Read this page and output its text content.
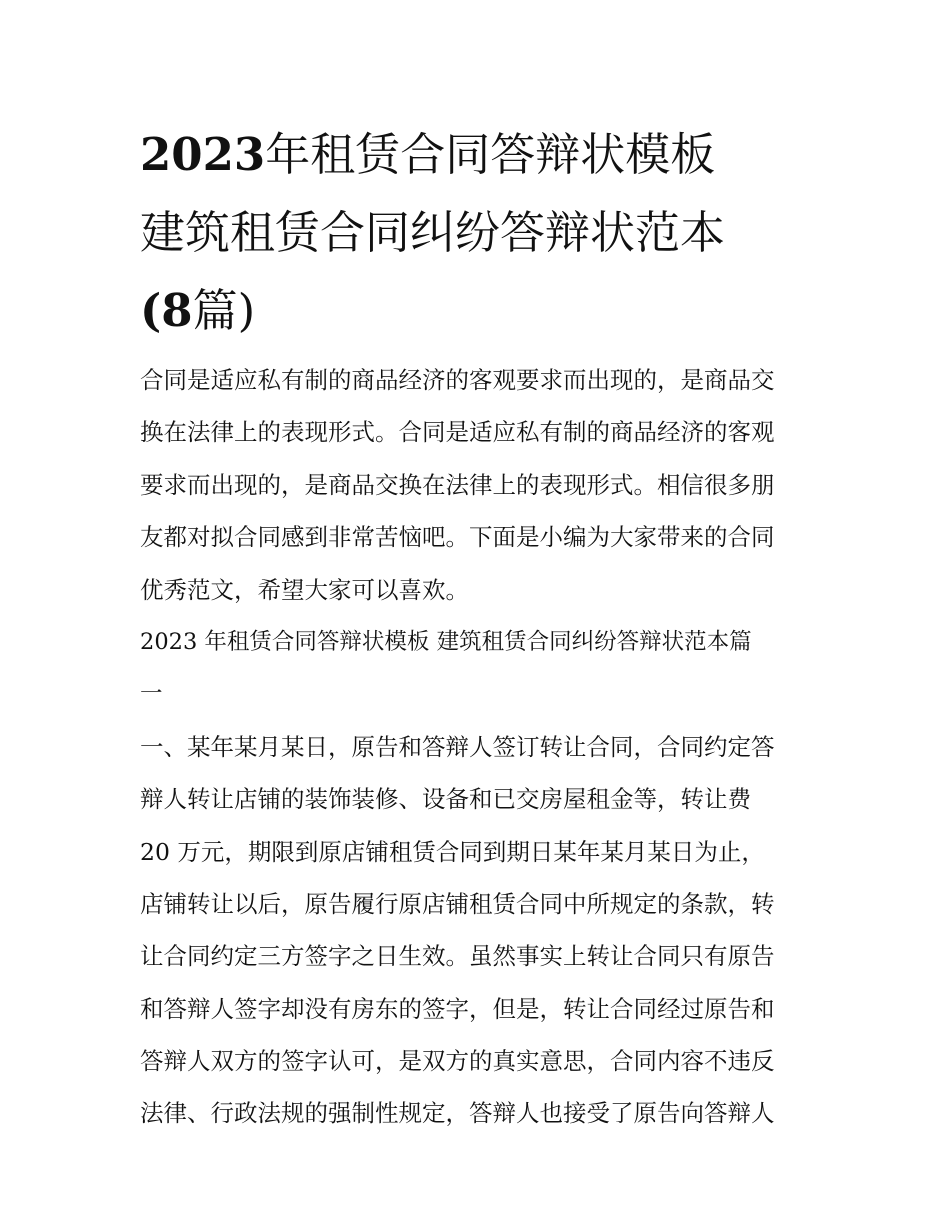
2023年租赁合同答辩状模板
建筑租赁合同纠纷答辩状范本
(8篇)
合同是适应私有制的商品经济的客观要求而出现的，是商品交
换在法律上的表现形式。合同是适应私有制的商品经济的客观
要求而出现的，是商品交换在法律上的表现形式。相信很多朋
友都对拟合同感到非常苦恼吧。下面是小编为大家带来的合同
优秀范文，希望大家可以喜欢。
2023 年租赁合同答辩状模板 建筑租赁合同纠纷答辩状范本篇
一
一、某年某月某日，原告和答辩人签订转让合同，合同约定答
辩人转让店铺的装饰装修、设备和已交房屋租金等，转让费
20 万元，期限到原店铺租赁合同到期日某年某月某日为止，
店铺转让以后，原告履行原店铺租赁合同中所规定的条款，转
让合同约定三方签字之日生效。虽然事实上转让合同只有原告
和答辩人签字却没有房东的签字，但是，转让合同经过原告和
答辩人双方的签字认可，是双方的真实意思，合同内容不违反
法律、行政法规的强制性规定，答辩人也接受了原告向答辩人
